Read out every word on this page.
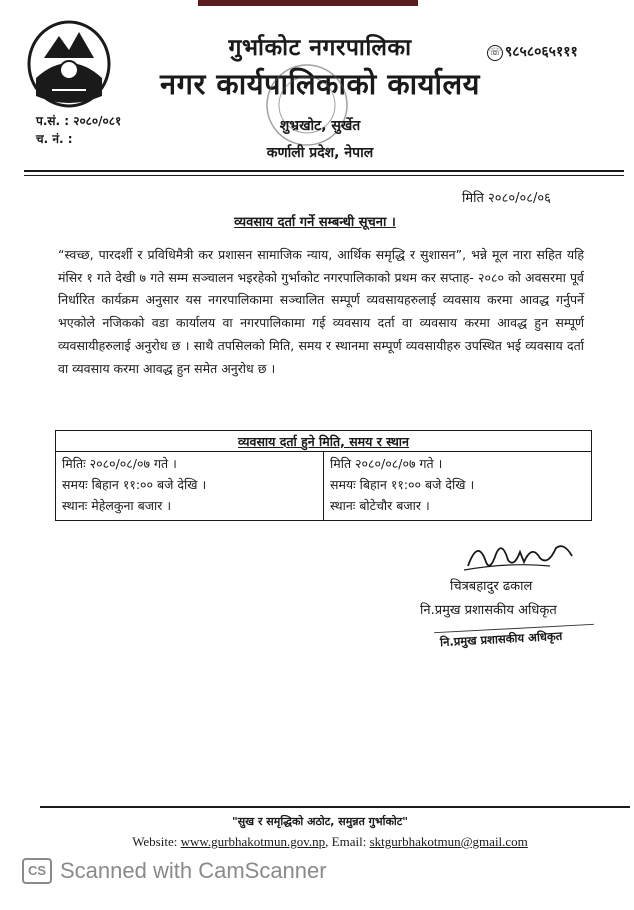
गुर्भाकोट नगरपालिका
नगर कार्यपालिकाको कार्यालय
☏ ९८५८०६५१११
प.सं. : २०८०/०८१
च. नं. :
शुभ्रखोट, सुर्खेत
कर्णाली प्रदेश, नेपाल
मिति २०८०/०८/०६
व्यवसाय दर्ता गर्ने सम्बन्धी सूचना ।
“स्वच्छ, पारदर्शी र प्रविधिमैत्री कर प्रशासन सामाजिक न्याय, आर्थिक समृद्धि र सुशासन”, भन्ने मूल नारा सहित यहि मंसिर १ गते देखी ७ गते सम्म सञ्चालन भइरहेको गुर्भाकोट नगरपालिकाको प्रथम कर सप्ताह- २०८० को अवसरमा पूर्व निर्धारित कार्यक्रम अनुसार यस नगरपालिकामा सञ्चालित सम्पूर्ण व्यवसायहरुलाई व्यवसाय करमा आवद्ध गर्नुपर्ने भएकोले नजिकको वडा कार्यालय वा नगरपालिकामा गई व्यवसाय दर्ता वा व्यवसाय करमा आवद्ध हुन सम्पूर्ण व्यवसायीहरुलाई अनुरोध छ । साथै तपसिलको मिति, समय र स्थानमा सम्पूर्ण व्यवसायीहरु उपस्थित भई व्यवसाय दर्ता वा व्यवसाय करमा आवद्ध हुन समेत अनुरोध छ ।
व्यवसाय दर्ता हुने मिति, समय र स्थान

मितिः २०८०/०८/०७ गते ।
समयः बिहान ११:०० बजे देखि ।
स्थानः मेहेलकुना बजार ।

मिति २०८०/०८/०७ गते ।
समयः बिहान ११:०० बजे देखि ।
स्थानः बोटेचौर बजार ।
चित्रबहादुर ढकाल
नि.प्रमुख प्रशासकीय अधिकृत
नि.प्रमुख प्रशासकीय अधिकृत
"सुख र समृद्धिको अठोट, समुन्नत गुर्भाकोट"
Website: www.gurbhakotmun.gov.np, Email: sktgurbhakotmun@gmail.com
CS Scanned with CamScanner
